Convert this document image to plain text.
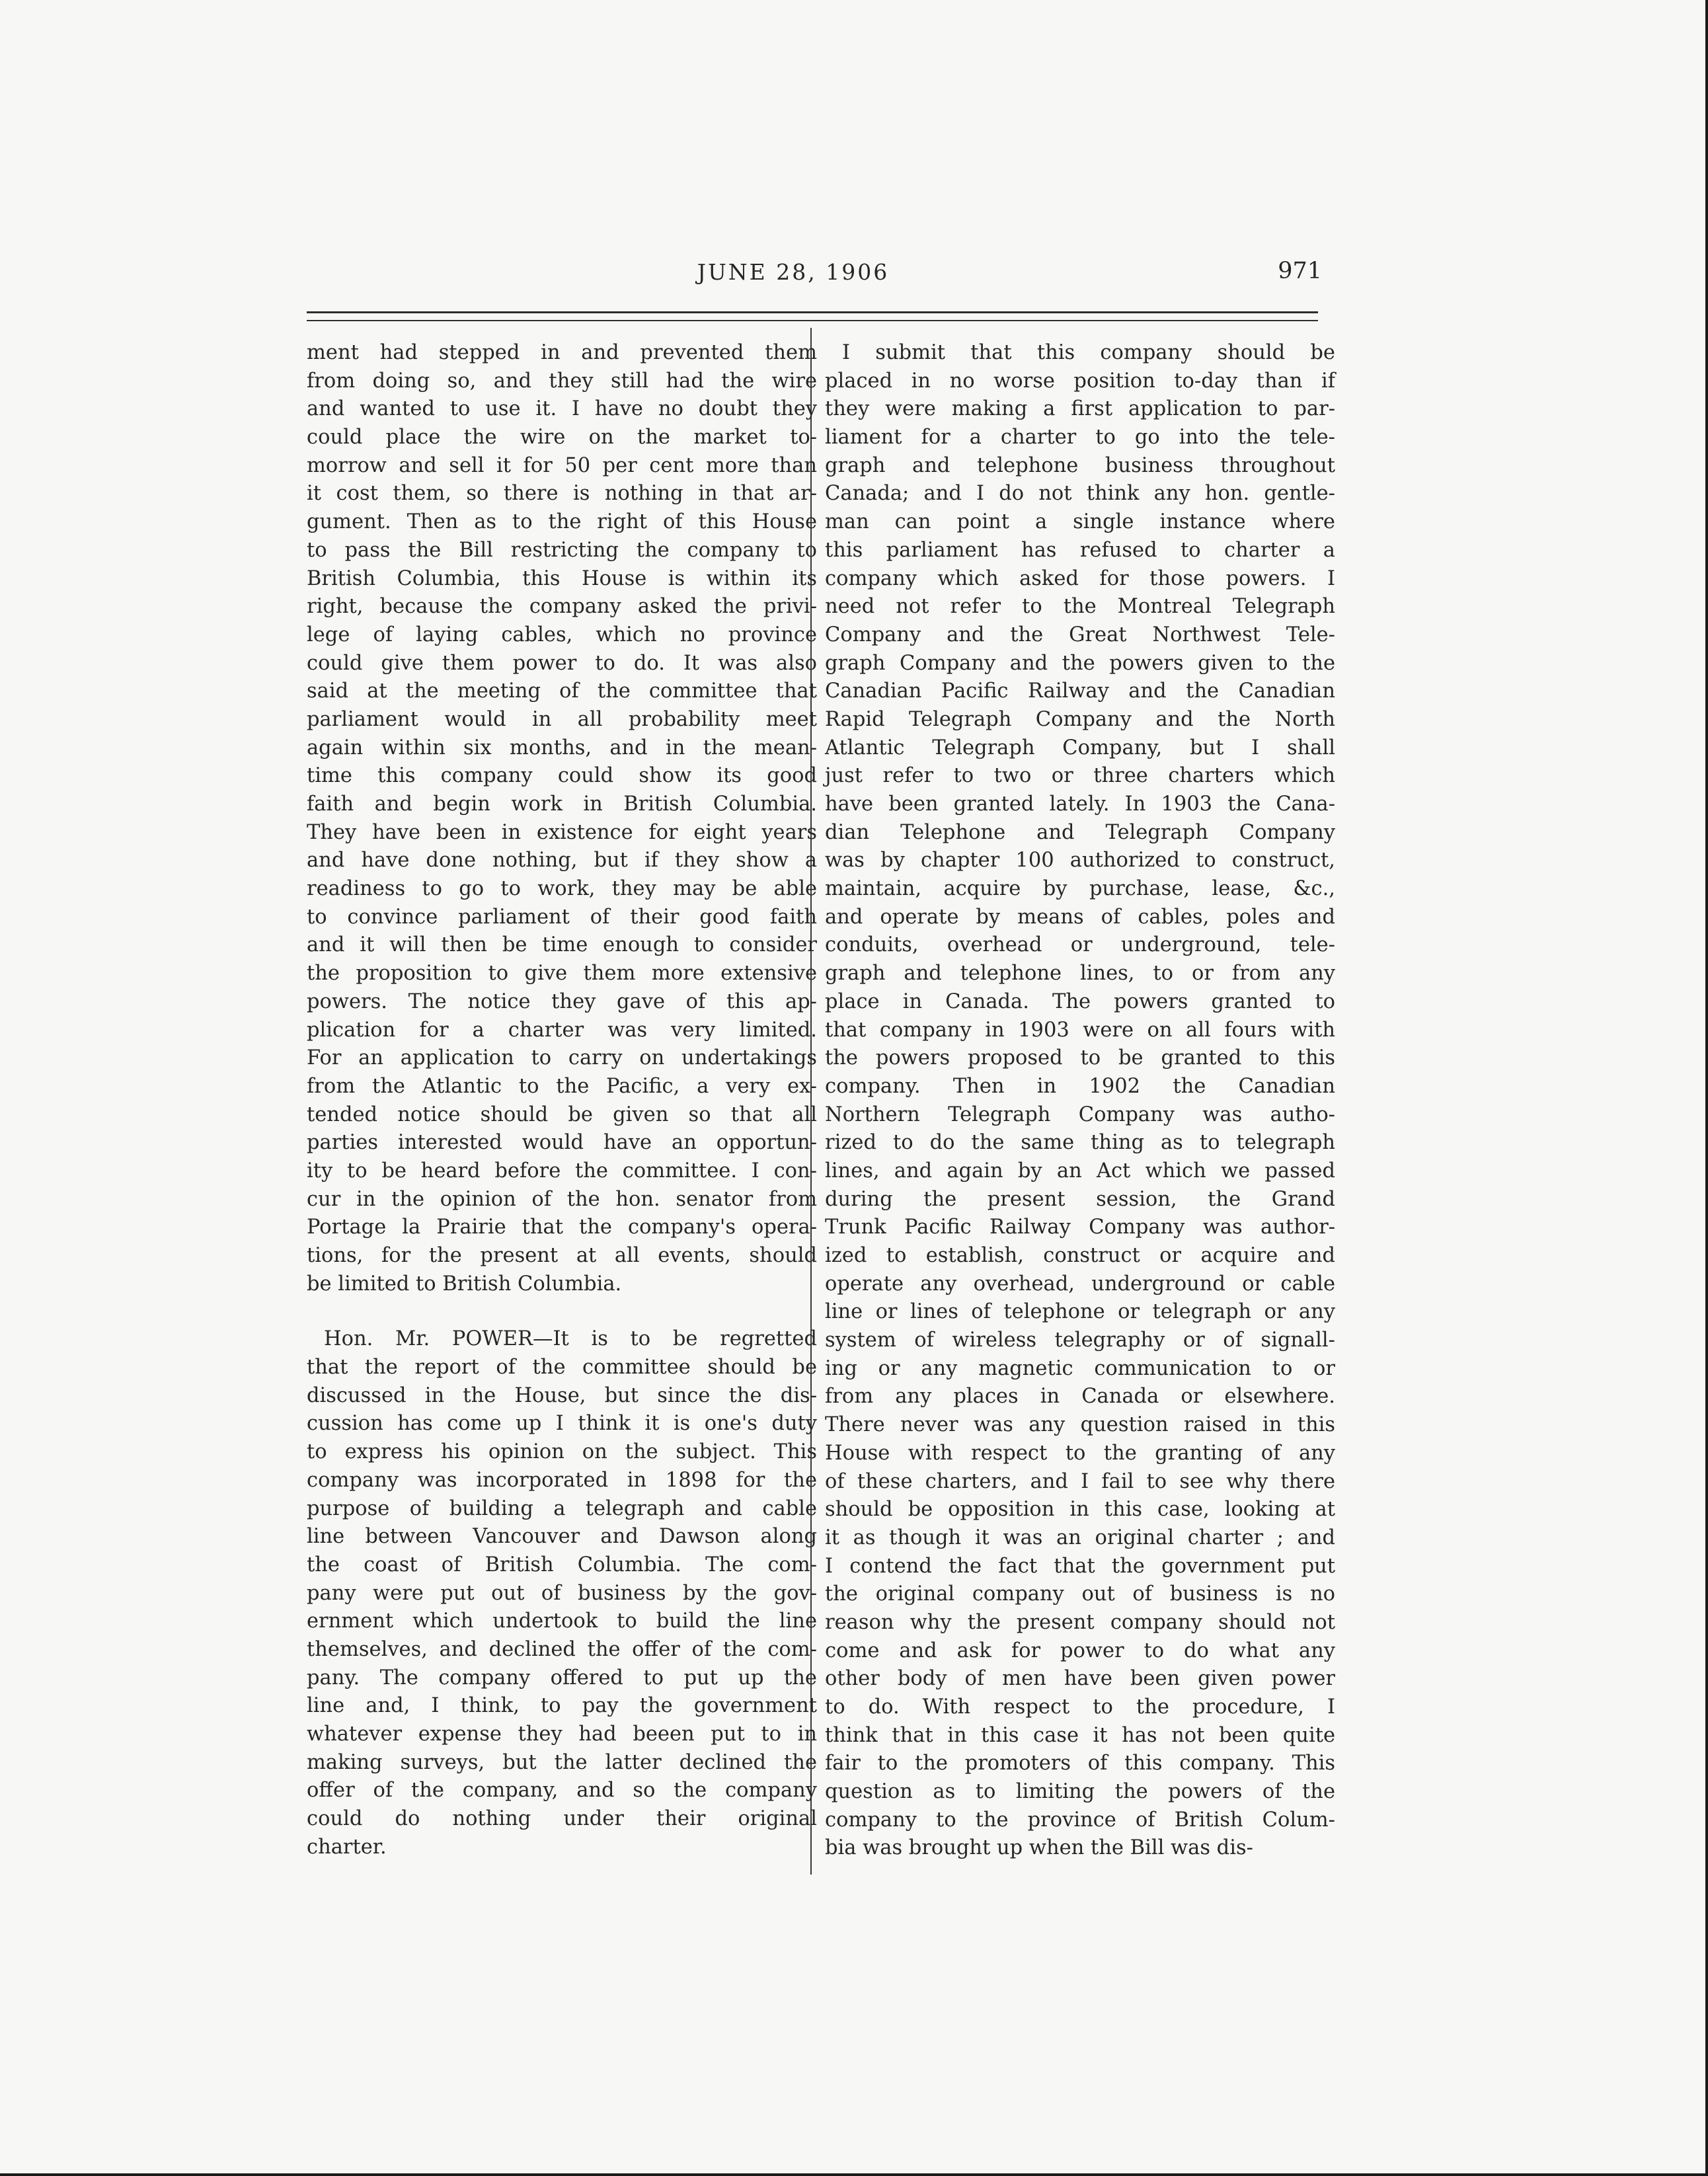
JUNE 28, 1906	971
ment had stepped in and prevented them
from doing so, and they still had the wire
and wanted to use it. I have no doubt they
could place the wire on the market to-
morrow and sell it for 50 per cent more than
it cost them, so there is nothing in that ar-
gument. Then as to the right of this House
to pass the Bill restricting the company to
British Columbia, this House is within its
right, because the company asked the privi-
lege of laying cables, which no province
could give them power to do. It was also
said at the meeting of the committee that
parliament would in all probability meet
again within six months, and in the mean-
time this company could show its good
faith and begin work in British Columbia.
They have been in existence for eight years
and have done nothing, but if they show a
readiness to go to work, they may be able
to convince parliament of their good faith
and it will then be time enough to consider
the proposition to give them more extensive
powers. The notice they gave of this ap-
plication for a charter was very limited.
For an application to carry on undertakings
from the Atlantic to the Pacific, a very ex-
tended notice should be given so that all
parties interested would have an opportun-
ity to be heard before the committee. I con-
cur in the opinion of the hon. senator from
Portage la Prairie that the company's opera-
tions, for the present at all events, should
be limited to British Columbia.
Hon. Mr. POWER—It is to be regretted
that the report of the committee should be
discussed in the House, but since the dis-
cussion has come up I think it is one's duty
to express his opinion on the subject. This
company was incorporated in 1898 for the
purpose of building a telegraph and cable
line between Vancouver and Dawson along
the coast of British Columbia. The com-
pany were put out of business by the gov-
ernment which undertook to build the line
themselves, and declined the offer of the com-
pany. The company offered to put up the
line and, I think, to pay the government
whatever expense they had beeen put to in
making surveys, but the latter declined the
offer of the company, and so the company
could do nothing under their original
charter.
I submit that this company should be
placed in no worse position to-day than if
they were making a first application to par-
liament for a charter to go into the tele-
graph and telephone business throughout
Canada; and I do not think any hon. gentle-
man can point a single instance where
this parliament has refused to charter a
company which asked for those powers. I
need not refer to the Montreal Telegraph
Company and the Great Northwest Tele-
graph Company and the powers given to the
Canadian Pacific Railway and the Canadian
Rapid Telegraph Company and the North
Atlantic Telegraph Company, but I shall
just refer to two or three charters which
have been granted lately. In 1903 the Cana-
dian Telephone and Telegraph Company
was by chapter 100 authorized to construct,
maintain, acquire by purchase, lease, &c.,
and operate by means of cables, poles and
conduits, overhead or underground, tele-
graph and telephone lines, to or from any
place in Canada. The powers granted to
that company in 1903 were on all fours with
the powers proposed to be granted to this
company. Then in 1902 the Canadian
Northern Telegraph Company was autho-
rized to do the same thing as to telegraph
lines, and again by an Act which we passed
during the present session, the Grand
Trunk Pacific Railway Company was author-
ized to establish, construct or acquire and
operate any overhead, underground or cable
line or lines of telephone or telegraph or any
system of wireless telegraphy or of signall-
ing or any magnetic communication to or
from any places in Canada or elsewhere.
There never was any question raised in this
House with respect to the granting of any
of these charters, and I fail to see why there
should be opposition in this case, looking at
it as though it was an original charter ; and
I contend the fact that the government put
the original company out of business is no
reason why the present company should not
come and ask for power to do what any
other body of men have been given power
to do. With respect to the procedure, I
think that in this case it has not been quite
fair to the promoters of this company. This
question as to limiting the powers of the
company to the province of British Colum-
bia was brought up when the Bill was dis-
